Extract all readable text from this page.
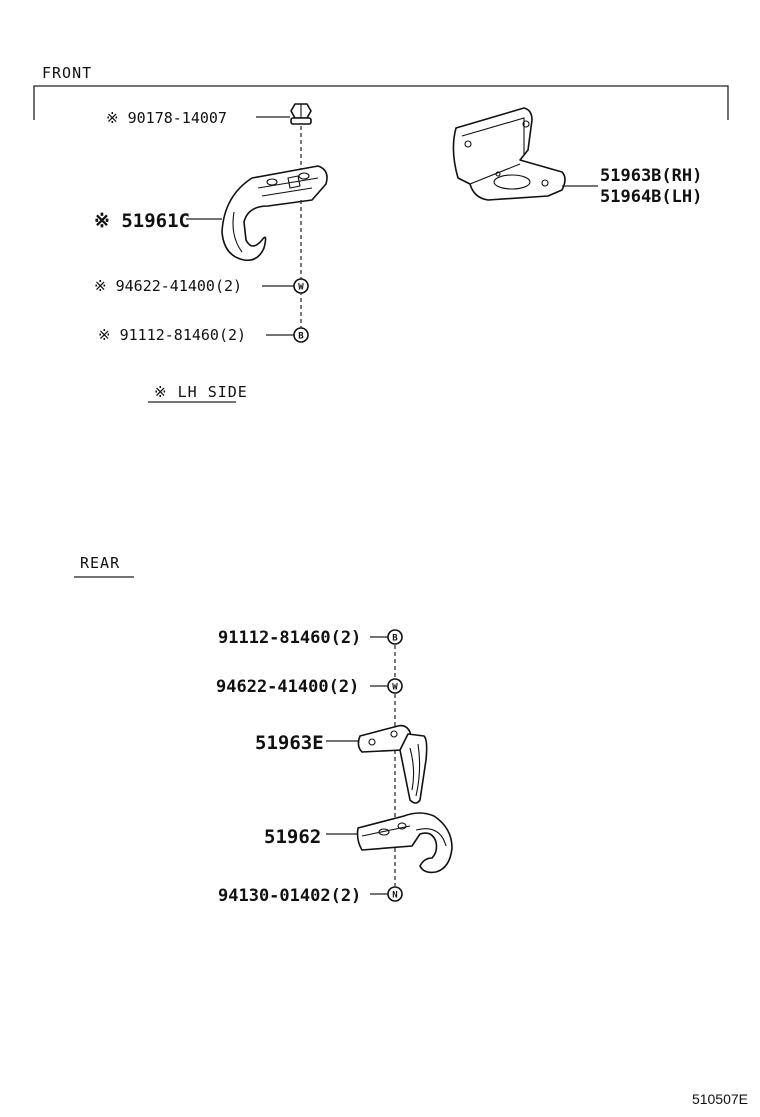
FRONT
※ 90178-14007
※ 51961C
※ 94622-41400(2)	W
※ 91112-81460(2)	B
51963B(RH)
51964B(LH)
※ LH SIDE
REAR
91112-81460(2)	B
94622-41400(2)	W
51963E
51962
94130-01402(2)	N
510507E
